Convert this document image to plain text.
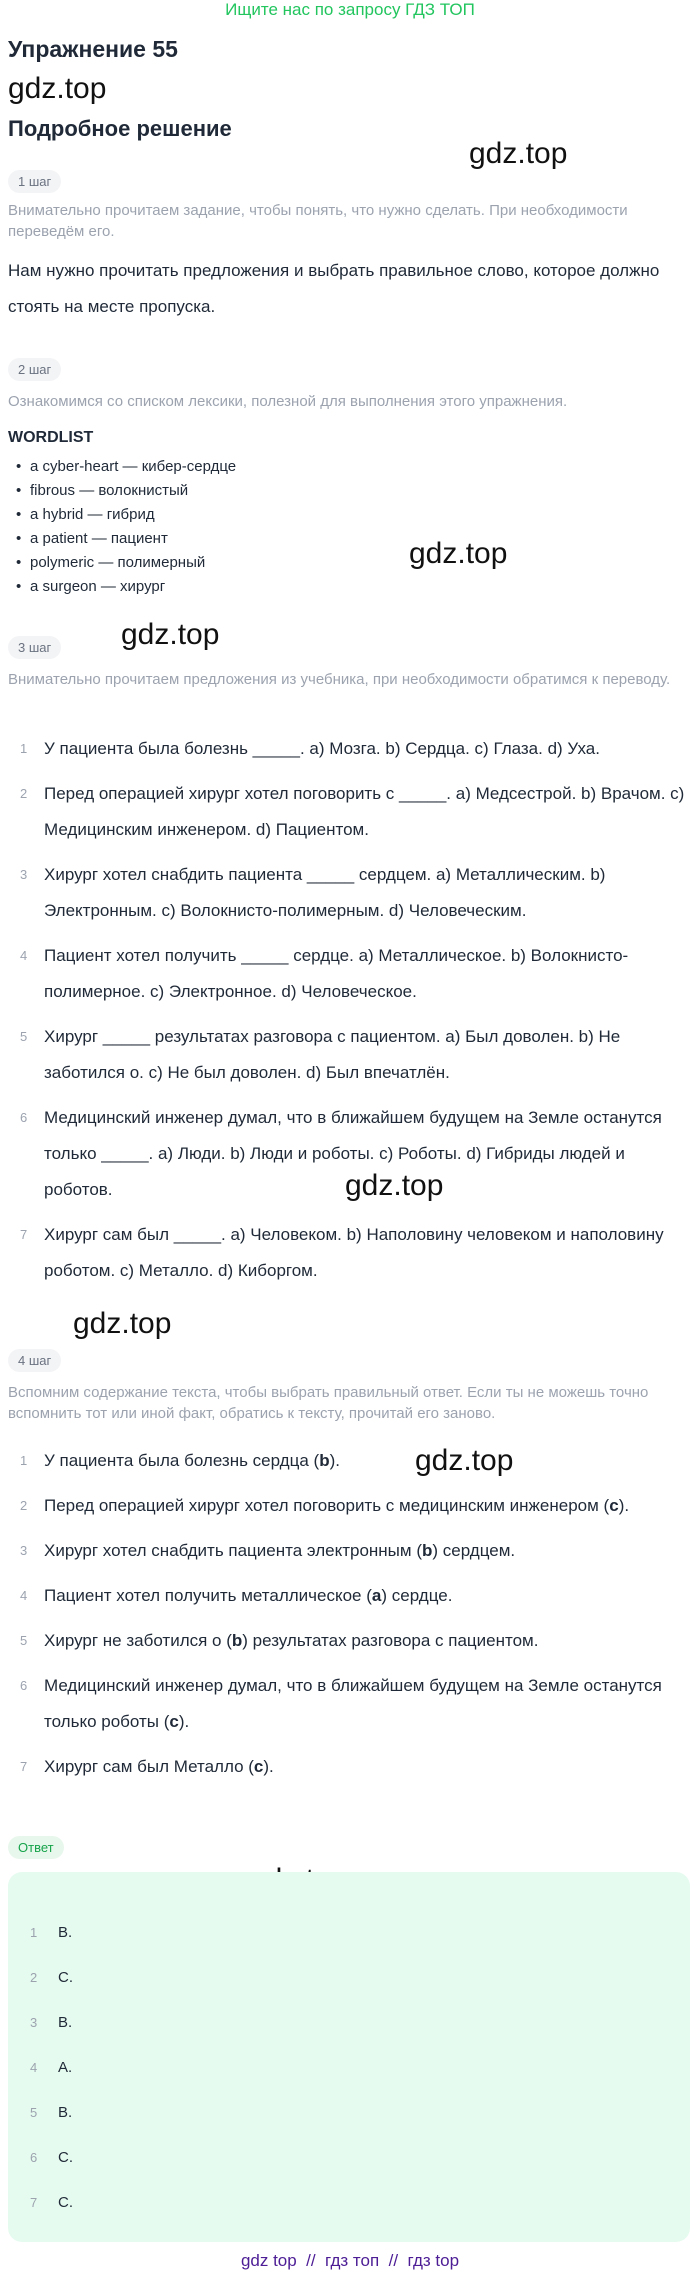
Ищите нас по запросу ГДЗ ТОП
Упражнение 55
gdz.top
Подробное решение
gdz.top
gdz.top
gdz.top
gdz.top
gdz.top
gdz.top
1 шаг
Внимательно прочитаем задание, чтобы понять, что нужно сделать. При необходимости переведём его.
Нам нужно прочитать предложения и выбрать правильное слово, которое должно стоять на месте пропуска.
2 шаг
Ознакомимся со списком лексики, полезной для выполнения этого упражнения.
WORDLIST
• a cyber-heart — кибер-сердце
• fibrous — волокнистый
• a hybrid — гибрид
• a patient — пациент
• polymeric — полимерный
• a surgeon — хирург
3 шаг
Внимательно прочитаем предложения из учебника, при необходимости обратимся к переводу.
1 У пациента была болезнь _____. a) Мозга. b) Сердца. c) Глаза. d) Уха.
2 Перед операцией хирург хотел поговорить с _____. a) Медсестрой. b) Врачом. c) Медицинским инженером. d) Пациентом.
3 Хирург хотел снабдить пациента _____ сердцем. a) Металлическим. b) Электронным. c) Волокнисто-полимерным. d) Человеческим.
4 Пациент хотел получить _____ сердце. a) Металлическое. b) Волокнисто-полимерное. c) Электронное. d) Человеческое.
5 Хирург _____ результатах разговора с пациентом. a) Был доволен. b) Не заботился о. c) Не был доволен. d) Был впечатлён.
6 Медицинский инженер думал, что в ближайшем будущем на Земле останутся только _____. a) Люди. b) Люди и роботы. c) Роботы. d) Гибриды людей и роботов.
7 Хирург сам был _____. a) Человеком. b) Наполовину человеком и наполовину роботом. c) Металло. d) Киборгом.
4 шаг
Вспомним содержание текста, чтобы выбрать правильный ответ. Если ты не можешь точно вспомнить тот или иной факт, обратись к тексту, прочитай его заново.
1 У пациента была болезнь сердца (b).
2 Перед операцией хирург хотел поговорить с медицинским инженером (c).
3 Хирург хотел снабдить пациента электронным (b) сердцем.
4 Пациент хотел получить металлическое (a) сердце.
5 Хирург не заботился о (b) результатах разговора с пациентом.
6 Медицинский инженер думал, что в ближайшем будущем на Земле останутся только роботы (c).
7 Хирург сам был Металло (c).
Ответ
1 B.
2 C.
3 B.
4 A.
5 B.
6 C.
7 C.
gdz top  //  гдз топ  //  гдз top
